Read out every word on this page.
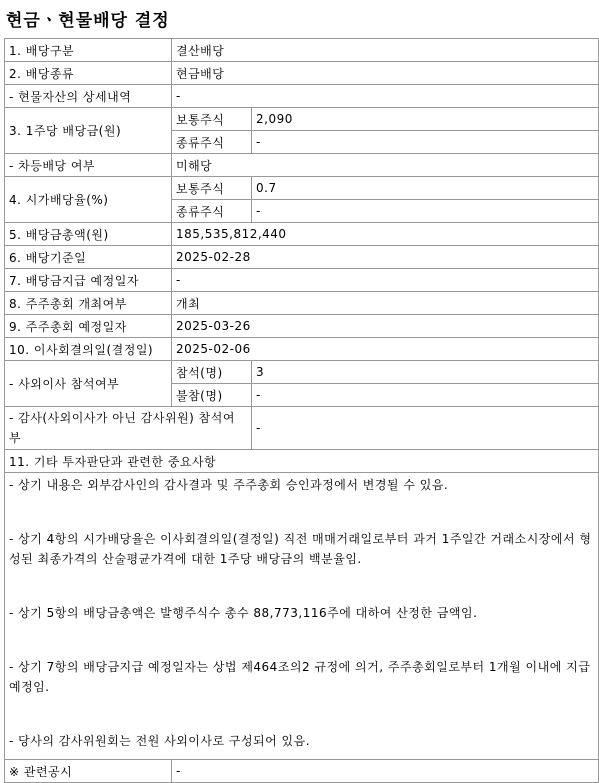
현금ㆍ현물배당 결정
1. 배당구분	결산배당	
2. 배당종류	현금배당	
- 현물자산의 상세내역	-	
3. 1주당 배당금(원)	보통주식	2,090
	종류주식	-
- 차등배당 여부	미해당	
4. 시가배당율(%)	보통주식	0.7
	종류주식	-
5. 배당금총액(원)	185,535,812,440	
6. 배당기준일	2025-02-28	
7. 배당금지급 예정일자	-	
8. 주주총회 개최여부	개최	
9. 주주총회 예정일자	2025-03-26	
10. 이사회결의일(결정일)	2025-02-06	
- 사외이사 참석여부	참석(명)	3
	불참(명)	-
- 감사(사외이사가 아닌 감사위원) 참석여부		-
11. 기타 투자판단과 관련한 중요사항		

- 상기 내용은 외부감사인의 감사결과 및 주주총회 승인과정에서 변경될 수 있음.

- 상기 4항의 시가배당율은 이사회결의일(결정일) 직전 매매거래일로부터 과거 1주일간 거래소시장에서 형성된 최종가격의 산술평균가격에 대한 1주당 배당금의 백분율임.

- 상기 5항의 배당금총액은 발행주식수 총수 88,773,116주에 대하여 산정한 금액임.

- 상기 7항의 배당금지급 예정일자는 상법 제464조의2 규정에 의거, 주주총회일로부터 1개월 이내에 지급 예정임.

- 당사의 감사위원회는 전원 사외이사로 구성되어 있음.		

※ 관련공시	-	
